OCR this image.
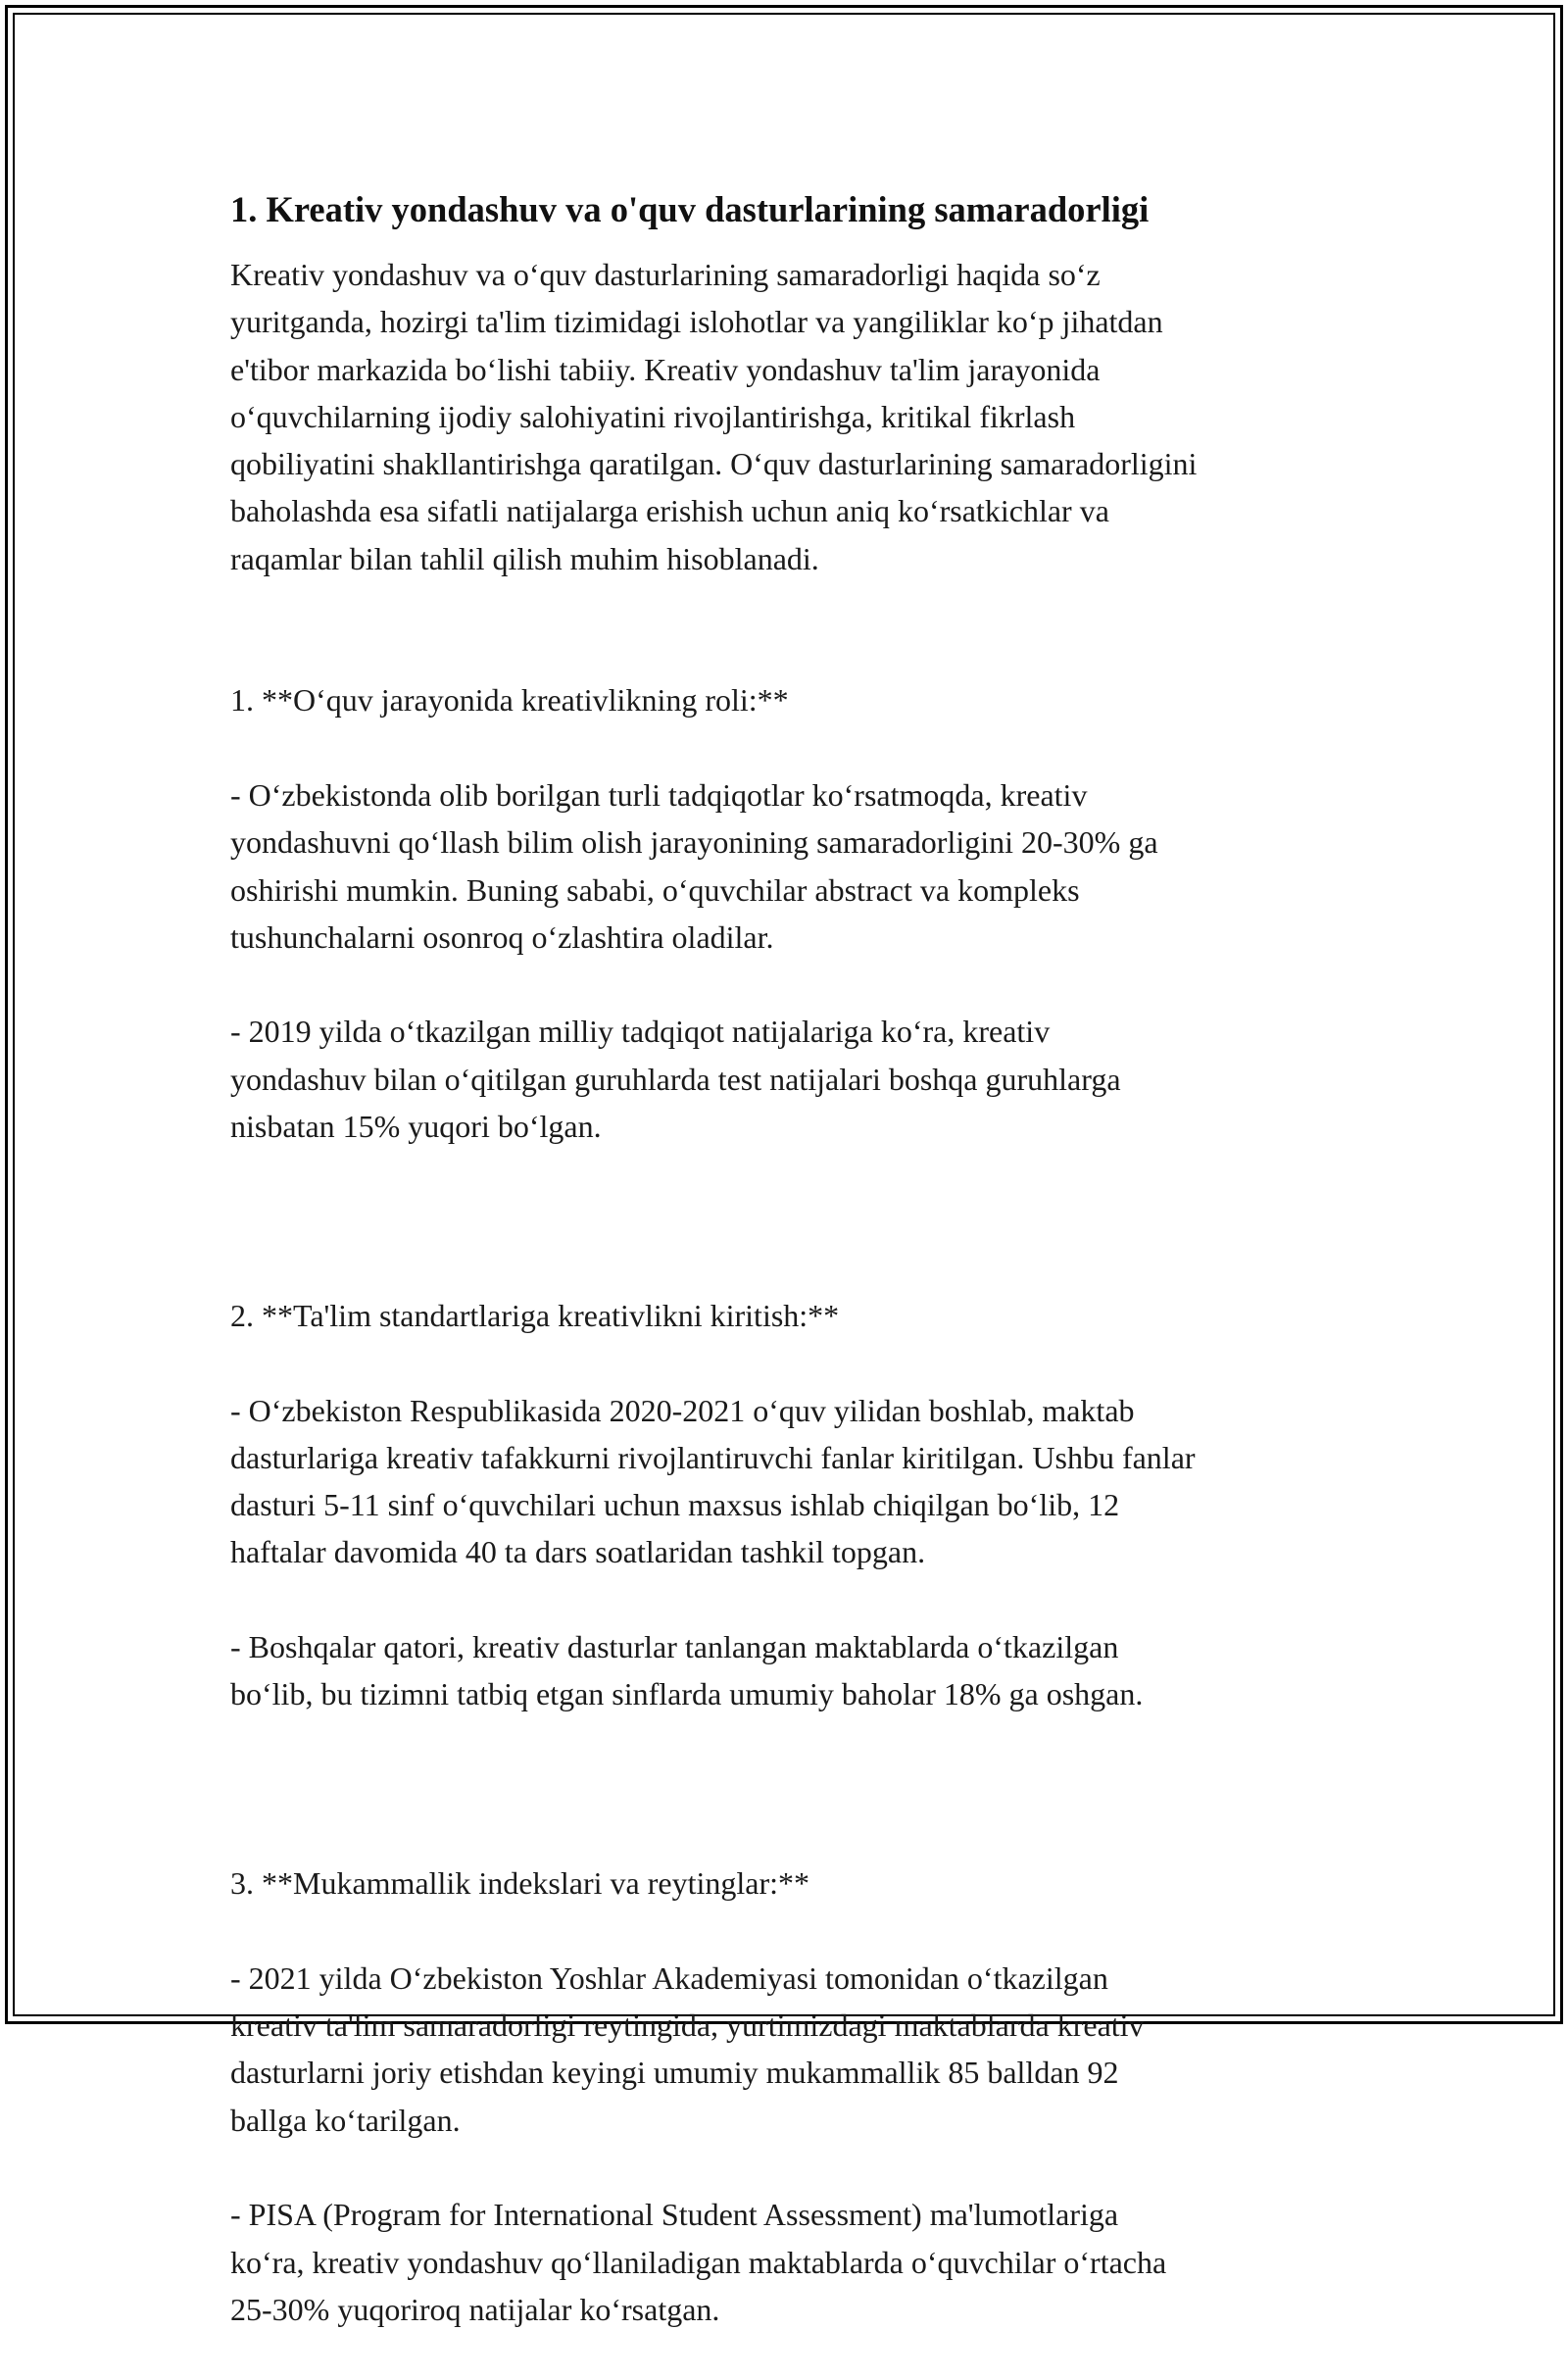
1. Kreativ yondashuv va o'quv dasturlarining samaradorligi

Kreativ yondashuv va o‘quv dasturlarining samaradorligi haqida so‘z
yuritganda, hozirgi ta'lim tizimidagi islohotlar va yangiliklar ko‘p jihatdan
e'tibor markazida bo‘lishi tabiiy. Kreativ yondashuv ta'lim jarayonida
o‘quvchilarning ijodiy salohiyatini rivojlantirishga, kritikal fikrlash
qobiliyatini shakllantirishga qaratilgan. O‘quv dasturlarining samaradorligini
baholashda esa sifatli natijalarga erishish uchun aniq ko‘rsatkichlar va
raqamlar bilan tahlil qilish muhim hisoblanadi.

1. **O‘quv jarayonida kreativlikning roli:**

- O‘zbekistonda olib borilgan turli tadqiqotlar ko‘rsatmoqda, kreativ
yondashuvni qo‘llash bilim olish jarayonining samaradorligini 20-30% ga
oshirishi mumkin. Buning sababi, o‘quvchilar abstract va kompleks
tushunchalarni osonroq o‘zlashtira oladilar.

- 2019 yilda o‘tkazilgan milliy tadqiqot natijalariga ko‘ra, kreativ
yondashuv bilan o‘qitilgan guruhlarda test natijalari boshqa guruhlarga
nisbatan 15% yuqori bo‘lgan.

2. **Ta'lim standartlariga kreativlikni kiritish:**

- O‘zbekiston Respublikasida 2020-2021 o‘quv yilidan boshlab, maktab
dasturlariga kreativ tafakkurni rivojlantiruvchi fanlar kiritilgan. Ushbu fanlar
dasturi 5-11 sinf o‘quvchilari uchun maxsus ishlab chiqilgan bo‘lib, 12
haftalar davomida 40 ta dars soatlaridan tashkil topgan.

- Boshqalar qatori, kreativ dasturlar tanlangan maktablarda o‘tkazilgan
bo‘lib, bu tizimni tatbiq etgan sinflarda umumiy baholar 18% ga oshgan.

3. **Mukammallik indekslari va reytinglar:**

- 2021 yilda O‘zbekiston Yoshlar Akademiyasi tomonidan o‘tkazilgan
kreativ ta'lim samaradorligi reytingida, yurtimizdagi maktablarda kreativ
dasturlarni joriy etishdan keyingi umumiy mukammallik 85 balldan 92
ballga ko‘tarilgan.

- PISA (Program for International Student Assessment) ma'lumotlariga
ko‘ra, kreativ yondashuv qo‘llaniladigan maktablarda o‘quvchilar o‘rtacha
25-30% yuqoriroq natijalar ko‘rsatgan.
